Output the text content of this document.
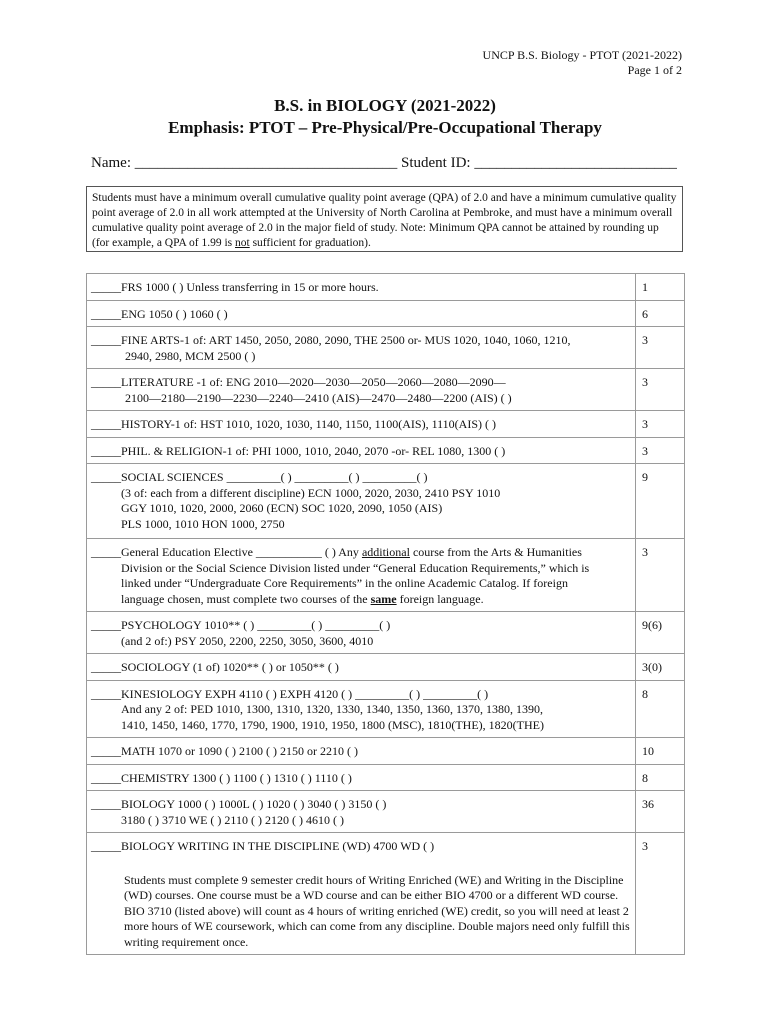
UNCP B.S. Biology - PTOT (2021-2022)
Page 1 of 2
B.S. in BIOLOGY (2021-2022)
Emphasis: PTOT – Pre-Physical/Pre-Occupational Therapy
Name: ___________________________________ Student ID: ___________________________
Students must have a minimum overall cumulative quality point average (QPA) of 2.0 and have a minimum cumulative quality point average of 2.0 in all work attempted at the University of North Carolina at Pembroke, and must have a minimum overall cumulative quality point average of 2.0 in the major field of study. Note: Minimum QPA cannot be attained by rounding up (for example, a QPA of 1.99 is not sufficient for graduation).
_____FRS 1000 ( ) Unless transferring in 15 or more hours.	1

_____ENG 1050 ( ) 1060 ( )	6

_____FINE ARTS-1 of: ART 1450, 2050, 2080, 2090, THE 2500 or- MUS 1020, 1040, 1060, 1210,
2940, 2980, MCM 2500 ( )	3

_____LITERATURE -1 of: ENG 2010—2020—2030—2050—2060—2080—2090—
2100—2180—2190—2230—2240—2410 (AIS)—2470—2480—2200 (AIS) ( )	3

_____HISTORY-1 of: HST 1010, 1020, 1030, 1140, 1150, 1100(AIS), 1110(AIS) ( )	3

_____PHIL. & RELIGION-1 of: PHI 1000, 1010, 2040, 2070 -or- REL 1080, 1300 ( )	3

_____SOCIAL SCIENCES _________( ) _________( ) _________( )
(3 of: each from a different discipline) ECN 1000, 2020, 2030, 2410 PSY 1010
GGY 1010, 1020, 2000, 2060 (ECN) SOC 1020, 2090, 1050 (AIS)
PLS 1000, 1010 HON 1000, 2750	9

_____General Education Elective ___________ ( ) Any additional course from the Arts & Humanities
Division or the Social Science Division listed under “General Education Requirements,” which is
linked under “Undergraduate Core Requirements” in the online Academic Catalog. If foreign
language chosen, must complete two courses of the same foreign language.	3

_____PSYCHOLOGY 1010** ( ) _________( ) _________( )
(and 2 of:) PSY 2050, 2200, 2250, 3050, 3600, 4010	9(6)

_____SOCIOLOGY (1 of) 1020** ( ) or 1050** ( )	3(0)

_____KINESIOLOGY EXPH 4110 ( ) EXPH 4120 ( ) _________( ) _________( )
And any 2 of: PED 1010, 1300, 1310, 1320, 1330, 1340, 1350, 1360, 1370, 1380, 1390,
1410, 1450, 1460, 1770, 1790, 1900, 1910, 1950, 1800 (MSC), 1810(THE), 1820(THE)	8

_____MATH 1070 or 1090 ( ) 2100 ( ) 2150 or 2210 ( )	10

_____CHEMISTRY 1300 ( ) 1100 ( ) 1310 ( ) 1110 ( )	8

_____BIOLOGY 1000 ( ) 1000L ( ) 1020 ( ) 3040 ( ) 3150 ( )
3180 ( ) 3710 WE ( ) 2110 ( ) 2120 ( ) 4610 ( )	36

_____BIOLOGY WRITING IN THE DISCIPLINE (WD) 4700 WD ( )
Students must complete 9 semester credit hours of Writing Enriched (WE) and Writing in the Discipline (WD) courses. One course must be a WD course and can be either BIO 4700 or a different WD course. BIO 3710 (listed above) will count as 4 hours of writing enriched (WE) credit, so you will need at least 2 more hours of WE coursework, which can come from any discipline. Double majors need only fulfill this writing requirement once.	3
